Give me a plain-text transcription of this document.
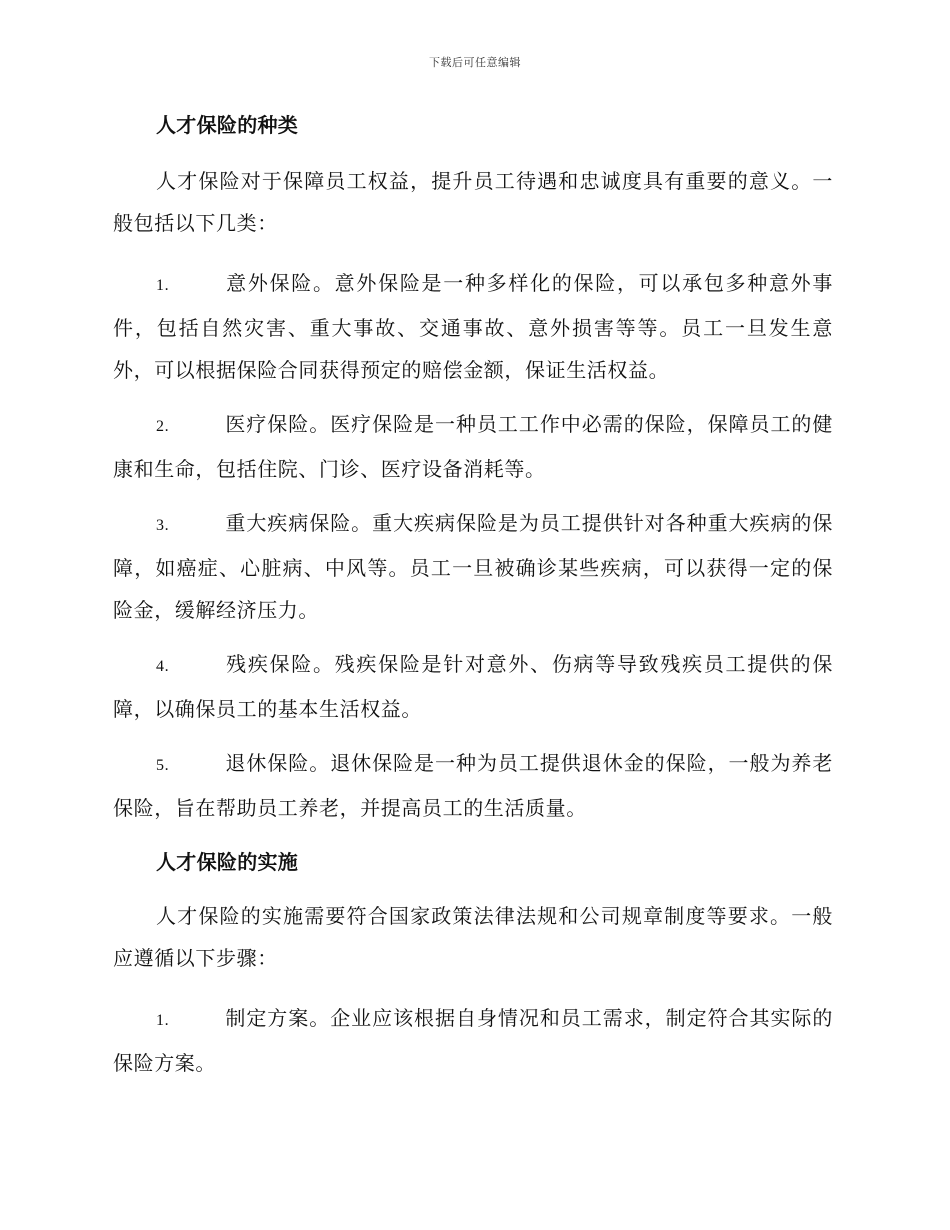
下载后可任意编辑
人才保险的种类

人才保险对于保障员工权益，提升员工待遇和忠诚度具有重要的意义。一般包括以下几类：

1.	意外保险。意外保险是一种多样化的保险，可以承包多种意外事件，包括自然灾害、重大事故、交通事故、意外损害等等。员工一旦发生意外，可以根据保险合同获得预定的赔偿金额，保证生活权益。

2.	医疗保险。医疗保险是一种员工工作中必需的保险，保障员工的健康和生命，包括住院、门诊、医疗设备消耗等。

3.	重大疾病保险。重大疾病保险是为员工提供针对各种重大疾病的保障，如癌症、心脏病、中风等。员工一旦被确诊某些疾病，可以获得一定的保险金，缓解经济压力。

4.	残疾保险。残疾保险是针对意外、伤病等导致残疾员工提供的保障，以确保员工的基本生活权益。

5.	退休保险。退休保险是一种为员工提供退休金的保险，一般为养老保险，旨在帮助员工养老，并提高员工的生活质量。

人才保险的实施

人才保险的实施需要符合国家政策法律法规和公司规章制度等要求。一般应遵循以下步骤：

1.	制定方案。企业应该根据自身情况和员工需求，制定符合其实际的保险方案。
